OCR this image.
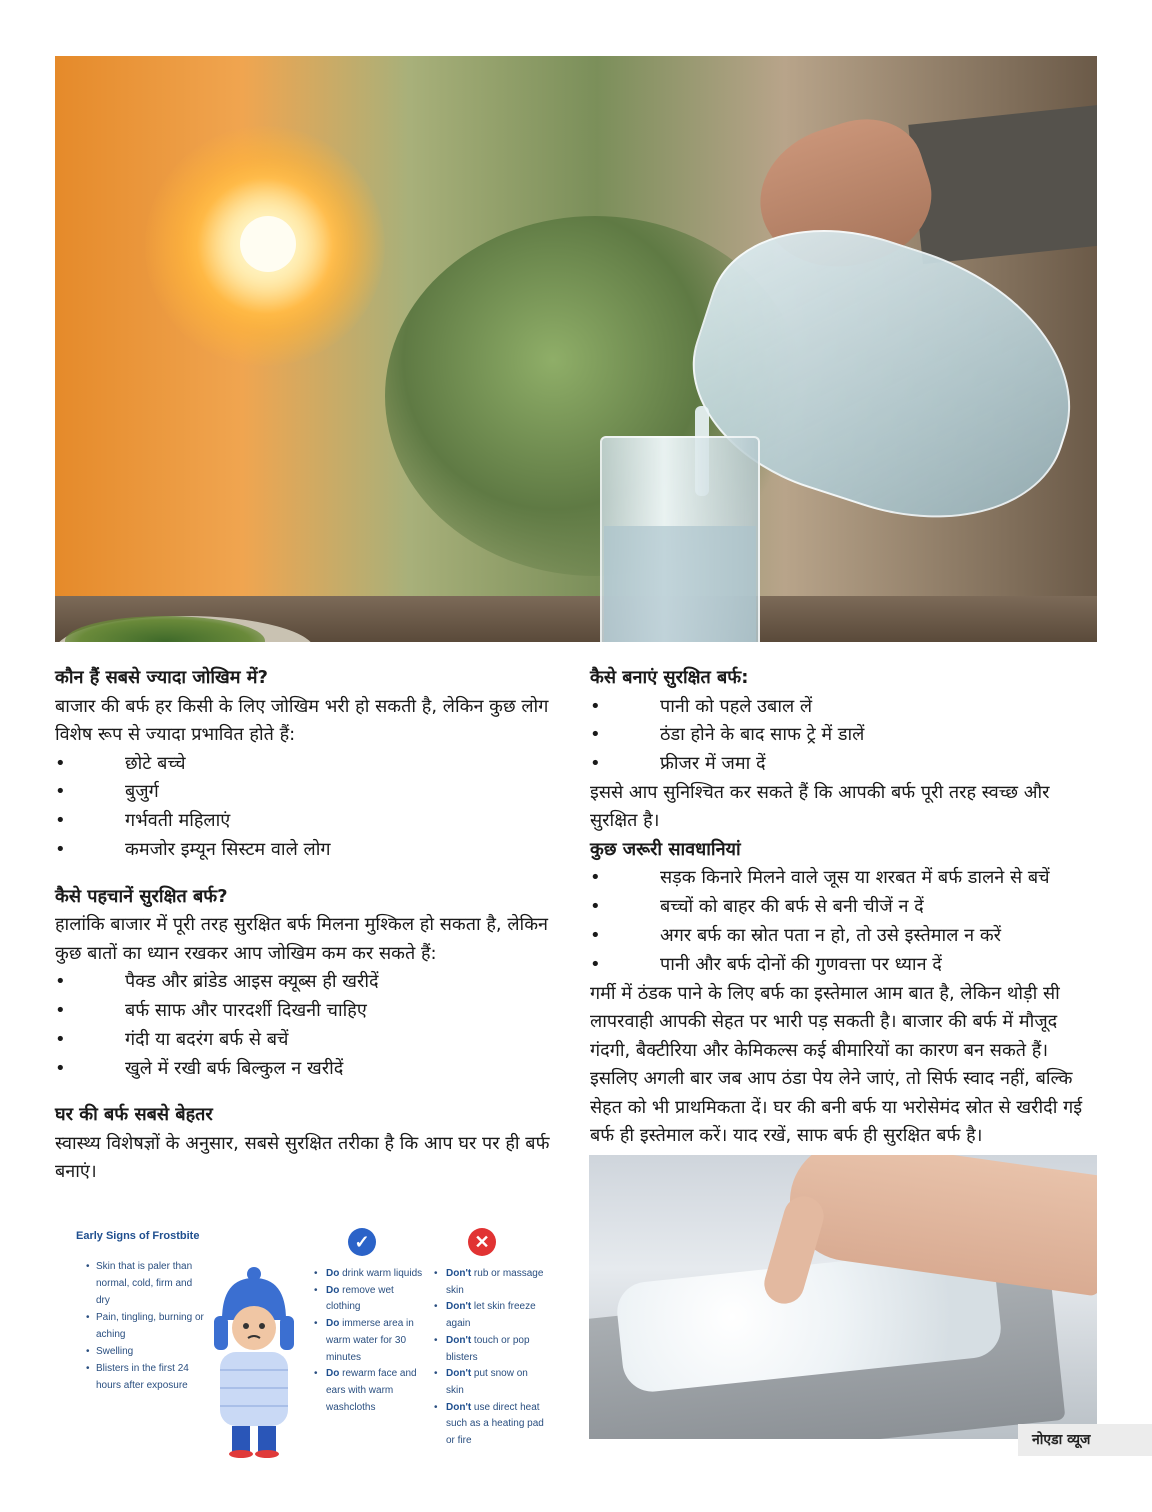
कौन हैं सबसे ज्यादा जोखिम में?
बाजार की बर्फ हर किसी के लिए जोखिम भरी हो सकती है, लेकिन कुछ लोग विशेष रूप से ज्यादा प्रभावित होते हैं:
•	छोटे बच्चे
•	बुजुर्ग
•	गर्भवती महिलाएं
•	कमजोर इम्यून सिस्टम वाले लोग
कैसे पहचानें सुरक्षित बर्फ?
हालांकि बाजार में पूरी तरह सुरक्षित बर्फ मिलना मुश्किल हो सकता है, लेकिन कुछ बातों का ध्यान रखकर आप जोखिम कम कर सकते हैं:
•	पैक्ड और ब्रांडेड आइस क्यूब्स ही खरीदें
•	बर्फ साफ और पारदर्शी दिखनी चाहिए
•	गंदी या बदरंग बर्फ से बचें
•	खुले में रखी बर्फ बिल्कुल न खरीदें
घर की बर्फ सबसे बेहतर
स्वास्थ्य विशेषज्ञों के अनुसार, सबसे सुरक्षित तरीका है कि आप घर पर ही बर्फ बनाएं।
कैसे बनाएं सुरक्षित बर्फ:
•	पानी को पहले उबाल लें
•	ठंडा होने के बाद साफ ट्रे में डालें
•	फ्रीजर में जमा दें
इससे आप सुनिश्चित कर सकते हैं कि आपकी बर्फ पूरी तरह स्वच्छ और सुरक्षित है।
कुछ जरूरी सावधानियां
•	सड़क किनारे मिलने वाले जूस या शरबत में बर्फ डालने से बचें
•	बच्चों को बाहर की बर्फ से बनी चीजें न दें
•	अगर बर्फ का स्रोत पता न हो, तो उसे इस्तेमाल न करें
•	पानी और बर्फ दोनों की गुणवत्ता पर ध्यान दें
गर्मी में ठंडक पाने के लिए बर्फ का इस्तेमाल आम बात है, लेकिन थोड़ी सी लापरवाही आपकी सेहत पर भारी पड़ सकती है। बाजार की बर्फ में मौजूद गंदगी, बैक्टीरिया और केमिकल्स कई बीमारियों का कारण बन सकते हैं।
इसलिए अगली बार जब आप ठंडा पेय लेने जाएं, तो सिर्फ स्वाद नहीं, बल्कि सेहत को भी प्राथमिकता दें। घर की बनी बर्फ या भरोसेमंद स्रोत से खरीदी गई बर्फ ही इस्तेमाल करें। याद रखें, साफ बर्फ ही सुरक्षित बर्फ है।
Early Signs of Frostbite
• Skin that is paler than normal, cold, firm and dry
• Pain, tingling, burning or aching
• Swelling
• Blisters in the first 24 hours after exposure
✓	✕
• Do drink warm liquids
• Do remove wet clothing
• Do immerse area in warm water for 30 minutes
• Do rewarm face and ears with warm washcloths
• Don't rub or massage skin
• Don't let skin freeze again
• Don't touch or pop blisters
• Don't put snow on skin
• Don't use direct heat such as a heating pad or fire	नोएडा व्यूज
